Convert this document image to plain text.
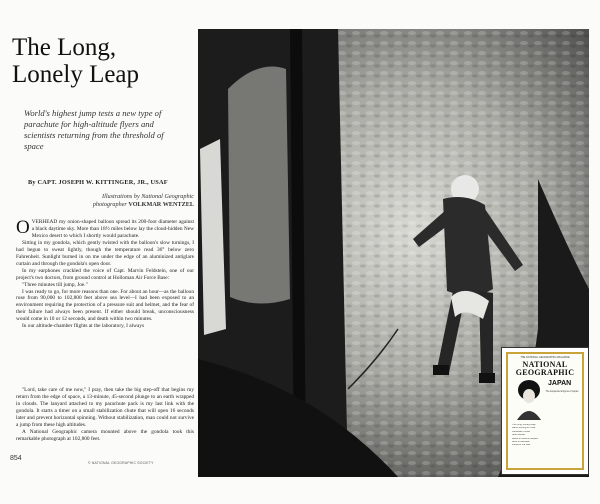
The Long,
Lonely Leap
World's highest jump tests a new type of parachute for high-altitude flyers and scientists returning from the threshold of space
By CAPT. JOSEPH W. KITTINGER, JR., USAF
Illustrations by National Geographic
photographer VOLKMAR WENTZEL

OVERHEAD my onion-shaped balloon spread its 200-foot diameter against a black daytime sky. More than 18½ miles below lay the cloud-hidden New Mexico desert to which I shortly would parachute.

Sitting in my gondola, which gently twisted with the balloon's slow turnings, I had begun to sweat lightly, though the temperature read 36° below zero Fahrenheit. Sunlight burned in on me under the edge of an aluminized antiglare curtain and through the gondola's open door.

In my earphones crackled the voice of Capt. Marvin Feldstein, one of our project's two doctors, from ground control at Holloman Air Force Base:

"Three minutes till jump, Joe."

I was ready to go, for more reasons than one. For about an hour—as the balloon rose from 90,000 to 102,800 feet above sea level—I had been exposed to an environment requiring the protection of a pressure suit and helmet, and the fear of their failure had always been present. If either should break, unconsciousness would come in 10 or 12 seconds, and death within two minutes.

In our altitude-chamber flights at the laboratory, I always

"Lord, take care of me now," I pray, then take the big step-off that begins my return from the edge of space, a 13-minute, 45-second plunge to an earth wrapped in clouds. The lanyard attached to my parachute pack is my last link with the gondola. It starts a timer on a small stabilization chute that will open 16 seconds later and prevent horizontal spinning. Without stabilization, man could not survive a jump from these high altitudes.

A National Geographic camera mounted above the gondola took this remarkable photograph at 102,800 feet.

854
© NATIONAL GEOGRAPHIC SOCIETY
THE NATIONAL GEOGRAPHIC MAGAZINE
NATIONAL
GEOGRAPHIC
JAPAN
The Exquisite Enigma of Japan
The Long, Lonely Leap
Marlin Fishing off Chile
Caribbean Cruise
New Guinea
Relics of Ancient Peoples
Birds of Australia
Fishes of the Sea
